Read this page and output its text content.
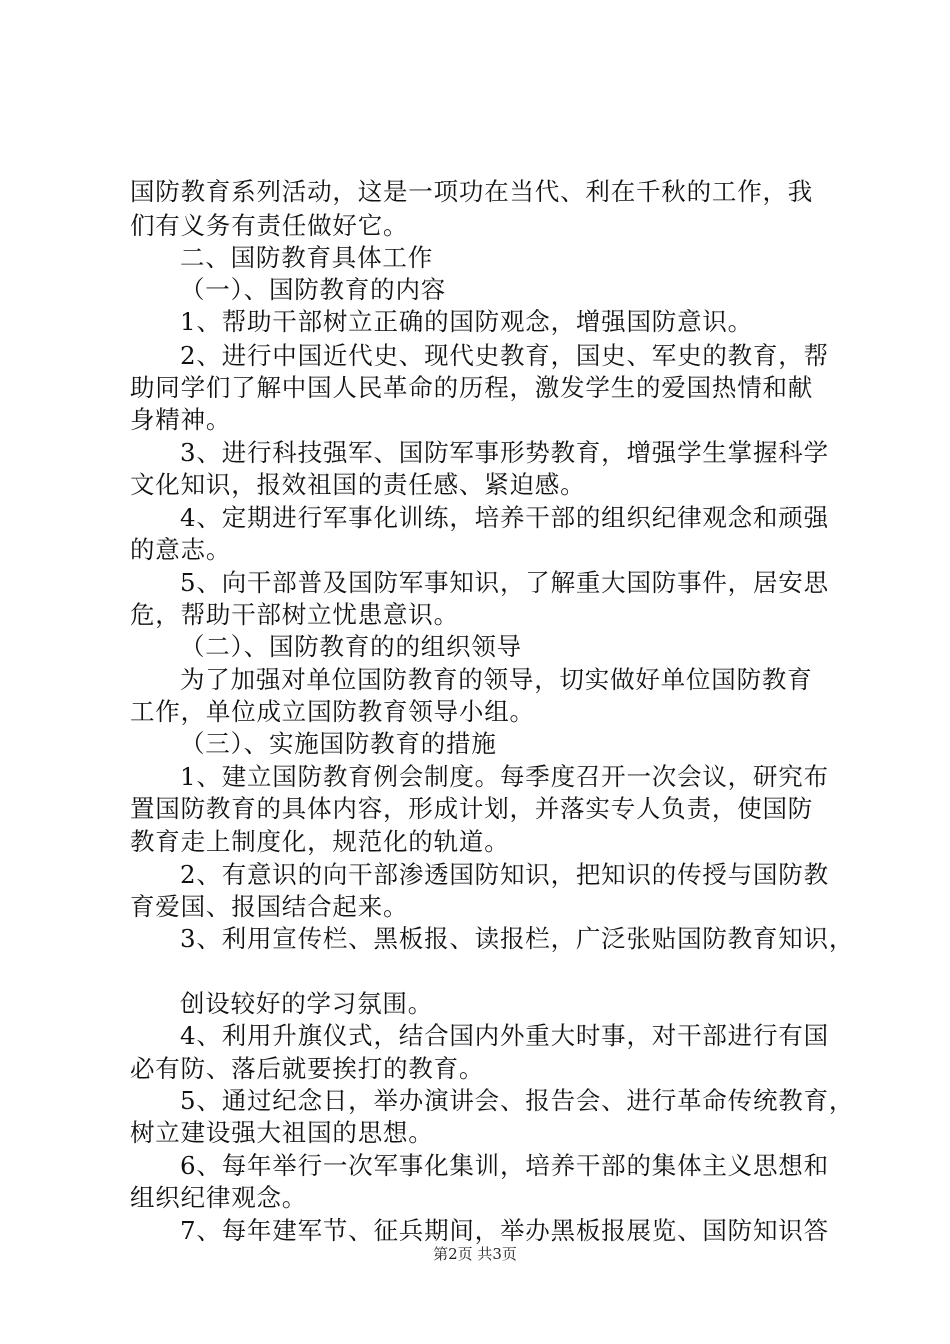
国防教育系列活动，这是一项功在当代、利在千秋的工作，我
们有义务有责任做好它。
二、国防教育具体工作
（一）、国防教育的内容
1、帮助干部树立正确的国防观念，增强国防意识。
2、进行中国近代史、现代史教育，国史、军史的教育，帮
助同学们了解中国人民革命的历程，激发学生的爱国热情和献
身精神。
3、进行科技强军、国防军事形势教育，增强学生掌握科学
文化知识，报效祖国的责任感、紧迫感。
4、定期进行军事化训练，培养干部的组织纪律观念和顽强
的意志。
5、向干部普及国防军事知识，了解重大国防事件，居安思
危，帮助干部树立忧患意识。
（二）、国防教育的的组织领导
为了加强对单位国防教育的领导，切实做好单位国防教育
工作，单位成立国防教育领导小组。
（三）、实施国防教育的措施
1、建立国防教育例会制度。每季度召开一次会议，研究布
置国防教育的具体内容，形成计划，并落实专人负责，使国防
教育走上制度化，规范化的轨道。
2、有意识的向干部渗透国防知识，把知识的传授与国防教
育爱国、报国结合起来。
3、利用宣传栏、黑板报、读报栏，广泛张贴国防教育知识，
创设较好的学习氛围。
4、利用升旗仪式，结合国内外重大时事，对干部进行有国
必有防、落后就要挨打的教育。
5、通过纪念日，举办演讲会、报告会、进行革命传统教育，
树立建设强大祖国的思想。
6、每年举行一次军事化集训，培养干部的集体主义思想和
组织纪律观念。
7、每年建军节、征兵期间，举办黑板报展览、国防知识答
第2页 共3页
